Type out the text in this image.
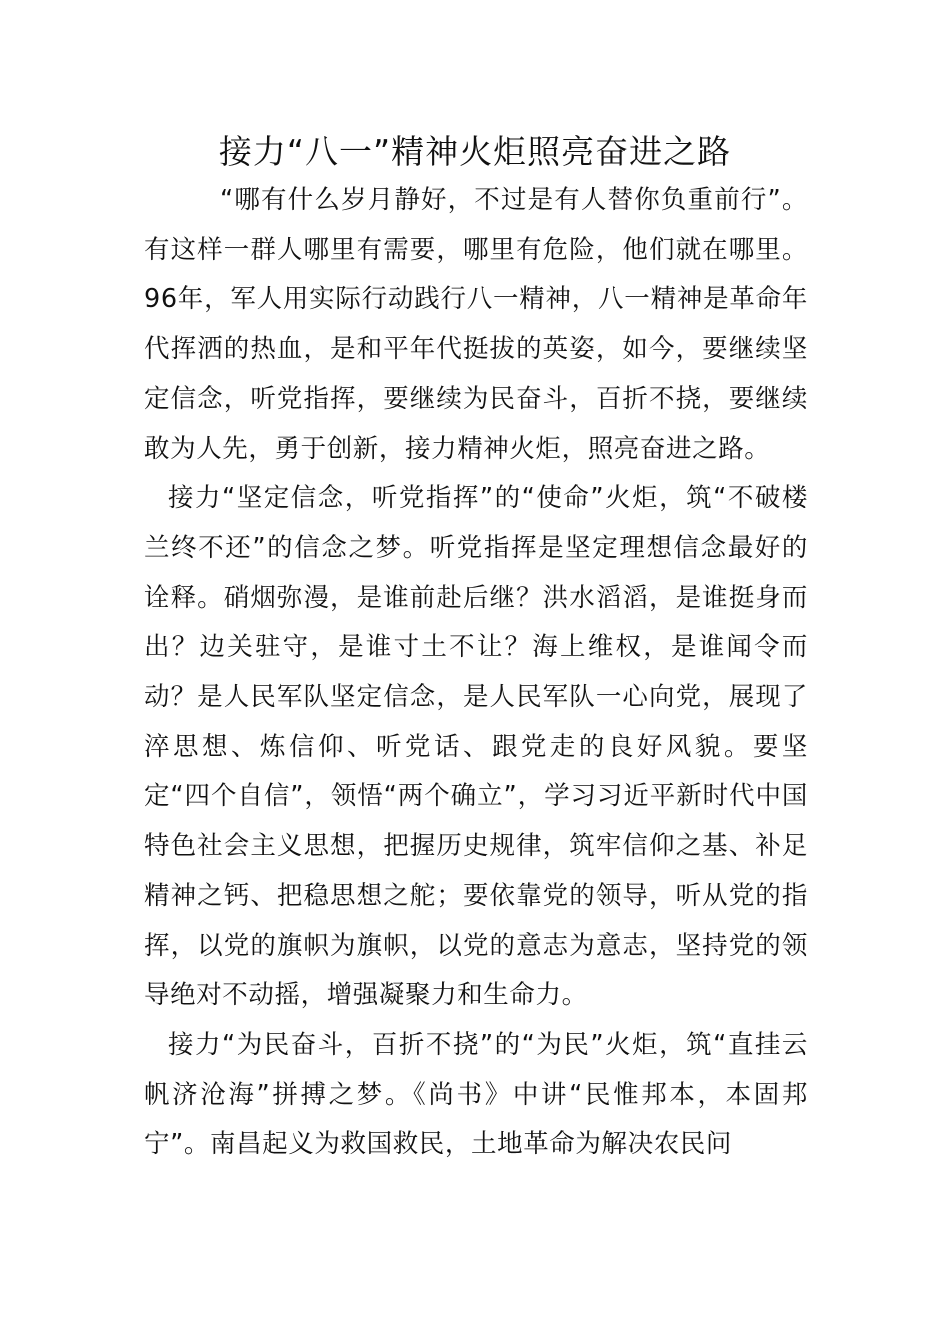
接力“八一”精神火炬照亮奋进之路

“哪有什么岁月静好，不过是有人替你负重前行”。有这样一群人哪里有需要，哪里有危险，他们就在哪里。96年，军人用实际行动践行八一精神，八一精神是革命年代挥洒的热血，是和平年代挺拔的英姿，如今，要继续坚定信念，听党指挥，要继续为民奋斗，百折不挠，要继续敢为人先，勇于创新，接力精神火炬，照亮奋进之路。

接力“坚定信念，听党指挥”的“使命”火炬，筑“不破楼兰终不还”的信念之梦。听党指挥是坚定理想信念最好的诠释。硝烟弥漫，是谁前赴后继？洪水滔滔，是谁挺身而出？边关驻守，是谁寸土不让？海上维权，是谁闻令而动？是人民军队坚定信念，是人民军队一心向党，展现了淬思想、炼信仰、听党话、跟党走的良好风貌。要坚定“四个自信”，领悟“两个确立”，学习习近平新时代中国特色社会主义思想，把握历史规律，筑牢信仰之基、补足精神之钙、把稳思想之舵；要依靠党的领导，听从党的指挥，以党的旗帜为旗帜，以党的意志为意志，坚持党的领导绝对不动摇，增强凝聚力和生命力。

接力“为民奋斗，百折不挠”的“为民”火炬，筑“直挂云帆济沧海”拼搏之梦。《尚书》中讲“民惟邦本，本固邦宁”。南昌起义为救国救民，土地革命为解决农民问
